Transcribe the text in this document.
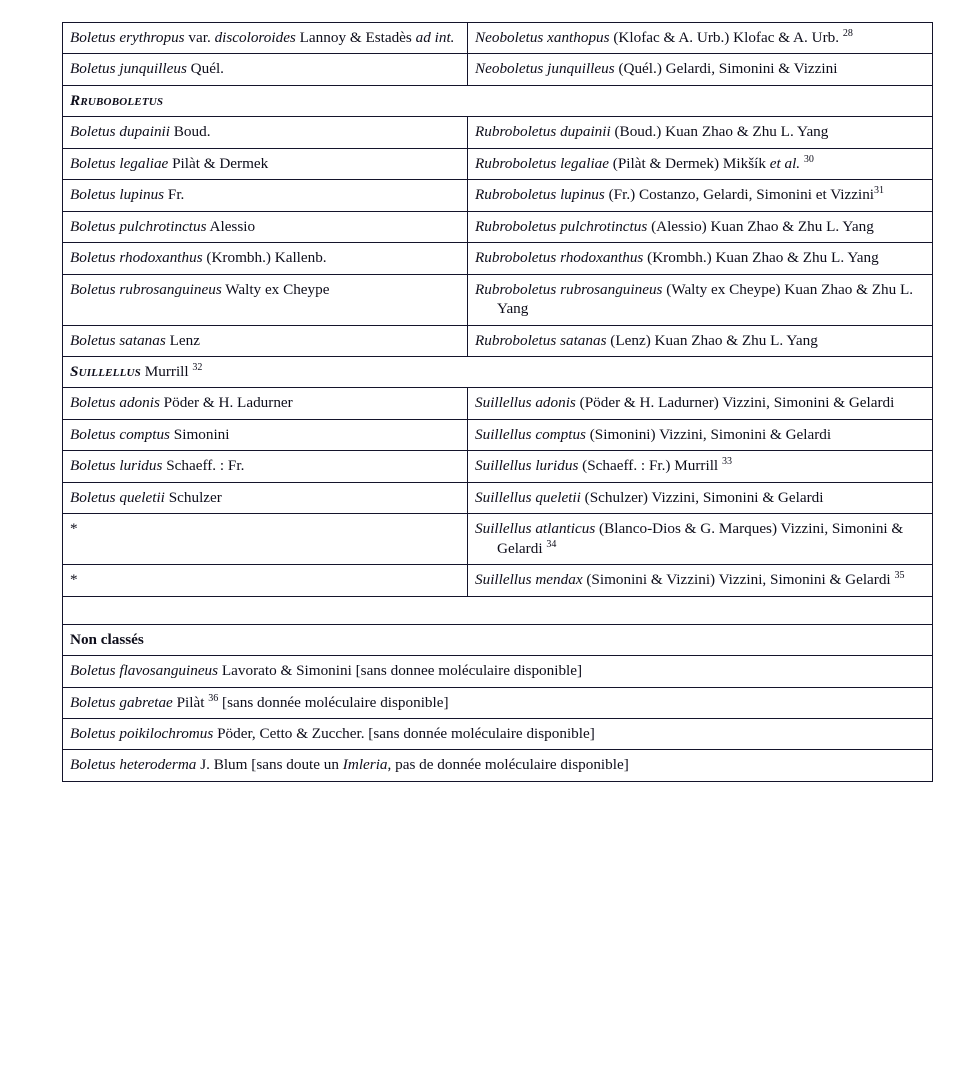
Boletus erythropus var. discoloroides Lannoy & Estadès ad int.	Neoboletus xanthopus (Klofac & A. Urb.) Klofac & A. Urb. $^{28}$

Boletus junquilleus Quél.	Neoboletus junquilleus (Quél.) Gelardi, Simonini & Vizzini

Rruboboletus	

Boletus dupainii Boud.	Rubroboletus dupainii (Boud.) Kuan Zhao & Zhu L. Yang

Boletus legaliae Pilàt & Dermek	Rubroboletus legaliae (Pilàt & Dermek) Mikšík et al. $^{30}$

Boletus lupinus Fr.	Rubroboletus lupinus (Fr.) Costanzo, Gelardi, Simonini et Vizzini$^{31}$

Boletus pulchrotinctus Alessio	Rubroboletus pulchrotinctus (Alessio) Kuan Zhao & Zhu L. Yang

Boletus rhodoxanthus (Krombh.) Kallenb.	Rubroboletus rhodoxanthus (Krombh.) Kuan Zhao & Zhu L. Yang

Boletus rubrosanguineus Walty ex Cheype	Rubroboletus rubrosanguineus (Walty ex Cheype) Kuan Zhao & Zhu L. Yang

Boletus satanas Lenz	Rubroboletus satanas (Lenz) Kuan Zhao & Zhu L. Yang

Suillellus Murrill $^{32}$

Boletus adonis Pöder & H. Ladurner	Suillellus adonis (Pöder & H. Ladurner) Vizzini, Simonini & Gelardi

Boletus comptus Simonini	Suillellus comptus (Simonini) Vizzini, Simonini & Gelardi

Boletus luridus Schaeff. : Fr.	Suillellus luridus (Schaeff. : Fr.) Murrill $^{33}$

Boletus queletii Schulzer	Suillellus queletii (Schulzer) Vizzini, Simonini & Gelardi

*	Suillellus atlanticus (Blanco-Dios & G. Marques) Vizzini, Simonini & Gelardi $^{34}$

*	Suillellus mendax (Simonini & Vizzini) Vizzini, Simonini & Gelardi $^{35}$

Non classés	

Boletus flavosanguineus Lavorato & Simonini [sans donnee moléculaire disponible]	

Boletus gabretae Pilàt $^{36}$ [sans donnée moléculaire disponible]	

Boletus poikilochromus Pöder, Cetto & Zuccher. [sans donnée moléculaire disponible]	

Boletus heteroderma J. Blum [sans doute un Imleria, pas de donnée moléculaire disponible]	
